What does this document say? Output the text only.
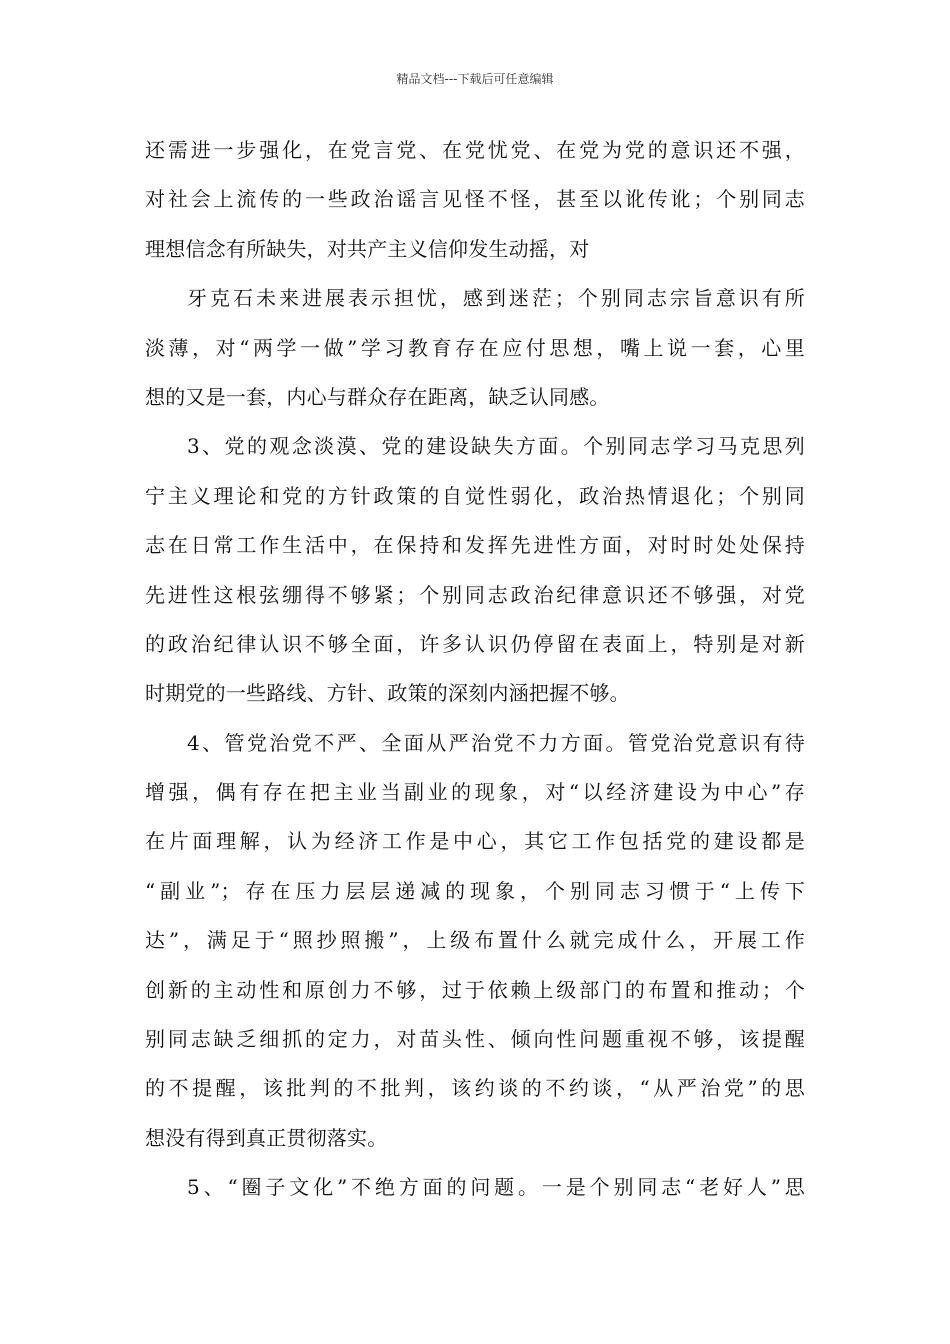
精品文档---下载后可任意编辑
还需进一步强化，在党言党、在党忧党、在党为党的意识还不强，
对社会上流传的一些政治谣言见怪不怪，甚至以讹传讹；个别同志
理想信念有所缺失，对共产主义信仰发生动摇，对
牙克石未来进展表示担忧，感到迷茫；个别同志宗旨意识有所
淡薄，对“两学一做”学习教育存在应付思想，嘴上说一套，心里
想的又是一套，内心与群众存在距离，缺乏认同感。
3、党的观念淡漠、党的建设缺失方面。个别同志学习马克思列
宁主义理论和党的方针政策的自觉性弱化，政治热情退化；个别同
志在日常工作生活中，在保持和发挥先进性方面，对时时处处保持
先进性这根弦绷得不够紧；个别同志政治纪律意识还不够强，对党
的政治纪律认识不够全面，许多认识仍停留在表面上，特别是对新
时期党的一些路线、方针、政策的深刻内涵把握不够。
4、管党治党不严、全面从严治党不力方面。管党治党意识有待
增强，偶有存在把主业当副业的现象，对“以经济建设为中心”存
在片面理解，认为经济工作是中心，其它工作包括党的建设都是
“副业”；存在压力层层递减的现象，个别同志习惯于“上传下
达”，满足于“照抄照搬”，上级布置什么就完成什么，开展工作
创新的主动性和原创力不够，过于依赖上级部门的布置和推动；个
别同志缺乏细抓的定力，对苗头性、倾向性问题重视不够，该提醒
的不提醒，该批判的不批判，该约谈的不约谈，“从严治党”的思
想没有得到真正贯彻落实。
5、“圈子文化”不绝方面的问题。一是个别同志“老好人”思
